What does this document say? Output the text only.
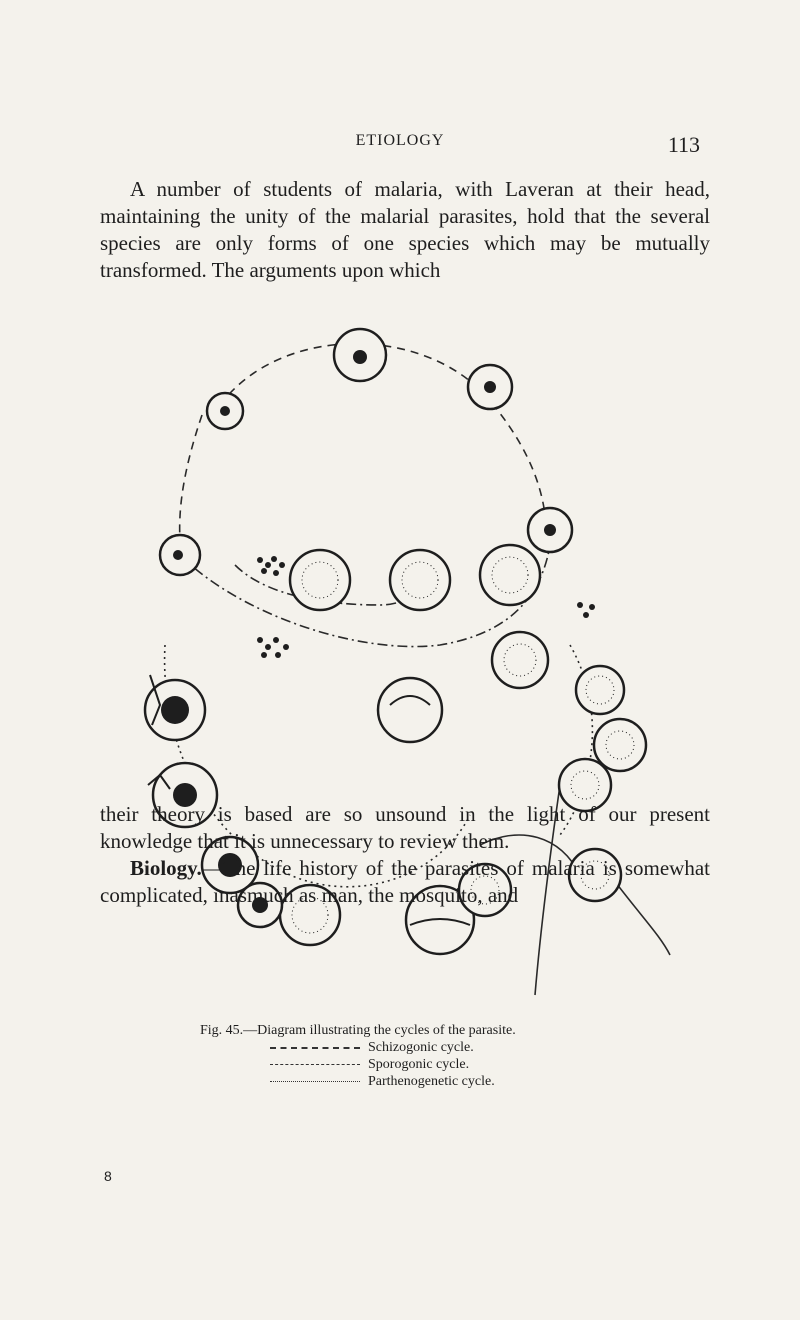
ETIOLOGY	113

A number of students of malaria, with Laveran at their head, maintaining the unity of the malarial parasites, hold that the several species are only forms of one species which may be mutually transformed. The arguments upon which

Fig. 45.—Diagram illustrating the cycles of the parasite.

Schizogonic cycle.
Sporogonic cycle.
Parthenogenetic cycle.

their theory is based are so unsound in the light of our present knowledge that it is unnecessary to review them.

Biology.—The life history of the parasites of malaria is somewhat complicated, inasmuch as man, the mosquito, and

8
